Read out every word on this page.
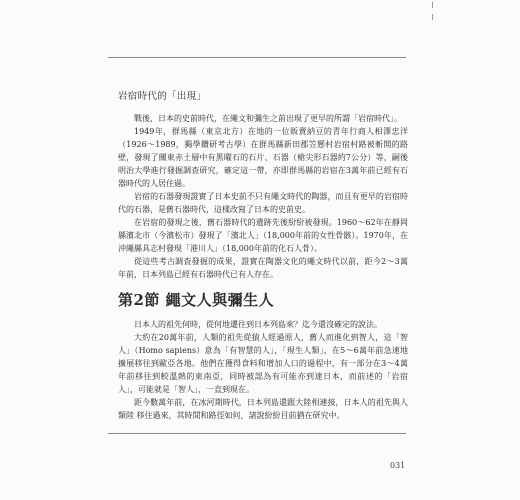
岩宿時代的「出現」

戰後，日本的史前時代，在繩文和彌生之前出現了更早的所謂「岩宿時代」。

1949年，群馬縣（東京北方）在地的一位販賣納豆的青年行商人相澤忠洋（1926～1989，獨學鑽研考古學）在群馬縣新田郡笠懸村岩宿村路被斬開的路壁，發現了關東赤土層中有黑曜石的石片、石器（槍尖形石器約7公分）等，嗣後明治大學進行發掘調查研究，確定這一帶，亦即群馬縣的岩宿在3萬年前已經有石器時代的人居住過。

岩宿的石器發現證實了日本史前不只有繩文時代的陶器，而且有更早的岩宿時代的石器，是舊石器時代，這樣改寫了日本的史前史。

在岩宿的發現之後，舊石器時代的遺跡先後紛紛被發現。1960～62年在靜岡縣濱北市（今濱松市）發現了「濱北人」（18,000年前的女性骨骸）。1970年，在沖繩縣具志村發現「港川人」（18,000年前的化石人骨）。

從這些考古調查發掘的成果，證實在陶器文化的繩文時代以前，距今2～3萬年前，日本列島已經有石器時代已有人存在。

第2節 繩文人與彌生人

日本人的祖先何時，從何地遷往到日本列島來？迄今還沒確定的說法。

大約在20萬年前，人類的祖先從猿人經過原人，舊人而進化到智人，這「智人」（Homo sapiens）意為「有智慧的人」，「現生人類」，在5～6萬年前急速地擴展移往到歐亞各地。他們在獲得食料和增加人口的過程中，有一部分在3～4萬年前移往到較溫熱的東南亞，同時被認為有可能亦到達日本，而前述的「岩宿人」，可能就是「智人」，一直到現在。

距今數萬年前，在冰河期時代，日本列島還跟大陸相連接，日本人的祖先與人類陸 移住過來，其時間和路徑如何，諸說紛紛目前猶在研究中。

031
